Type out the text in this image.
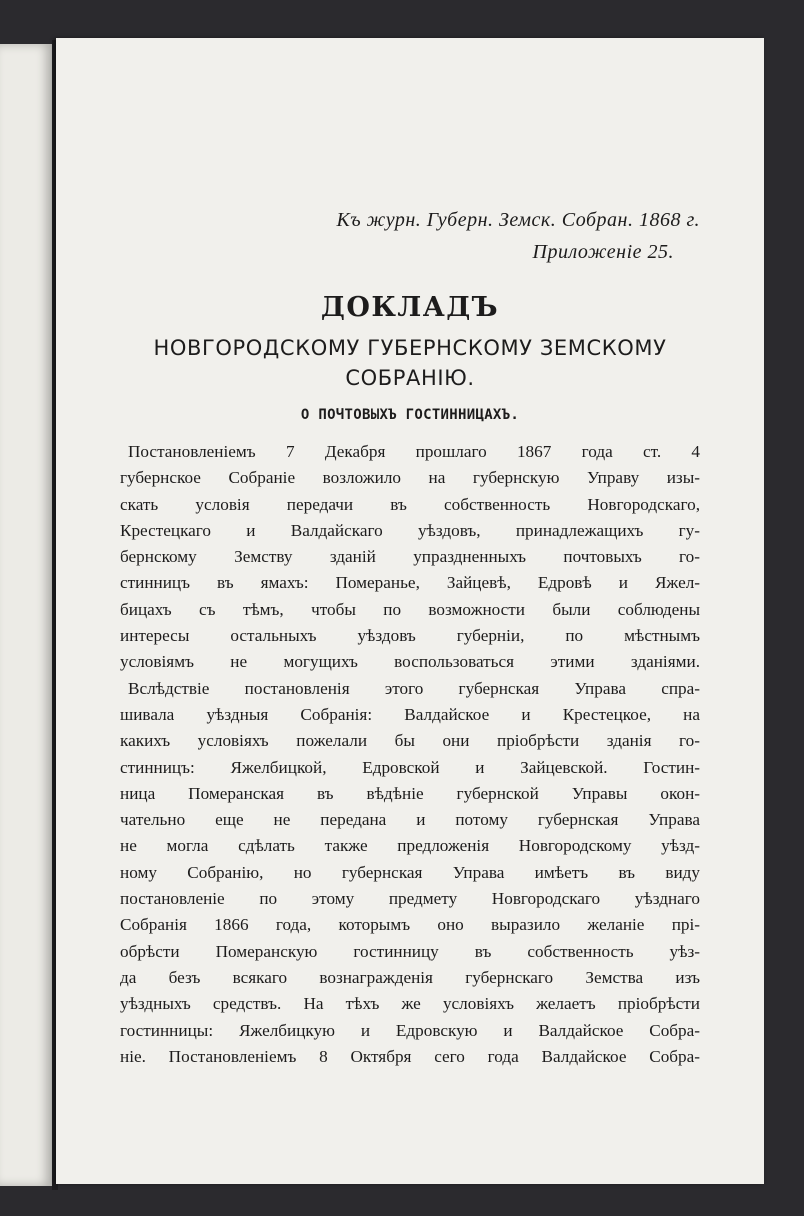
Къ журн. Губерн. Земск. Собран. 1868 г.
Приложеніе 25.
ДОКЛАДЪ
НОВГОРОДСКОМУ ГУБЕРНСКОМУ ЗЕМСКОМУ
СОБРАНІЮ.
О ПОЧТОВЫХЪ ГОСТИННИЦАХЪ.
Постановленіемъ 7 Декабря прошлаго 1867 года ст. 4
губернское Собраніе возложило на губернскую Управу изы-
скать условія передачи въ собственность Новгородскаго,
Крестецкаго и Валдайскаго уѣздовъ, принадлежащихъ гу-
бернскому Земству зданій упраздненныхъ почтовыхъ го-
стинницъ въ ямахъ: Померанье, Зайцевѣ, Едровѣ и Яжел-
бицахъ съ тѣмъ, чтобы по возможности были соблюдены
интересы остальныхъ уѣздовъ губерніи, по мѣстнымъ
условіямъ не могущихъ воспользоваться этими зданіями.
Вслѣдствіе постановленія этого губернская Управа спра-
шивала уѣздныя Собранія: Валдайское и Крестецкое, на
какихъ условіяхъ пожелали бы они пріобрѣсти зданія го-
стинницъ: Яжелбицкой, Едровской и Зайцевской. Гостин-
ница Померанская въ вѣдѣніе губернской Управы окон-
чательно еще не передана и потому губернская Управа
не могла сдѣлать также предложенія Новгородскому уѣзд-
ному Собранію, но губернская Управа имѣетъ въ виду
постановленіе по этому предмету Новгородскаго уѣзднаго
Собранія 1866 года, которымъ оно выразило желаніе прі-
обрѣсти Померанскую гостинницу въ собственность уѣз-
да безъ всякаго вознагражденія губернскаго Земства изъ
уѣздныхъ средствъ. На тѣхъ же условіяхъ желаетъ пріобрѣсти
гостинницы: Яжелбицкую и Едровскую и Валдайское Собра-
ніе. Постановленіемъ 8 Октября сего года Валдайское Собра-
